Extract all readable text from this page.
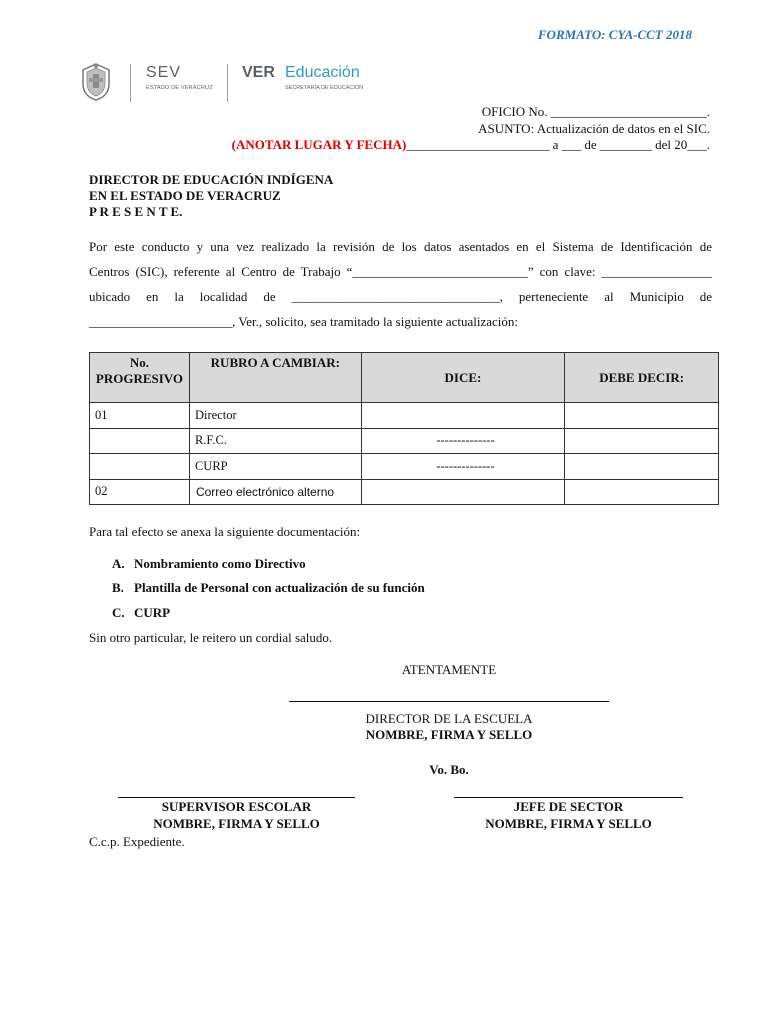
FORMATO: CYA-CCT 2018
SEV
ESTADO DE VERACRUZ
VER Educación
SECRETARÍA DE EDUCACIÓN
OFICIO No. ________________________.
ASUNTO: Actualización de datos en el SIC.
(ANOTAR LUGAR Y FECHA)______________________ a ___ de ________ del 20___.
DIRECTOR DE EDUCACIÓN INDÍGENA
EN EL ESTADO DE VERACRUZ
P R E S E N T E.
Por este conducto y una vez realizado la revisión de los datos asentados en el Sistema de Identificación de
Centros (SIC), referente al Centro de Trabajo “___________________________” con clave: _________________
ubicado en la localidad de ________________________________, perteneciente al Municipio de
______________________, Ver., solicito, sea tramitado la siguiente actualización:
No. PROGRESIVO	RUBRO A CAMBIAR:	DICE:	DEBE DECIR:
01	Director		
	R.F.C.	--------------	
	CURP	--------------	
02	Correo electrónico alterno		
Para tal efecto se anexa la siguiente documentación:
A. Nombramiento como Directivo
B. Plantilla de Personal con actualización de su función
C. CURP
Sin otro particular, le reitero un cordial saludo.
ATENTAMENTE
DIRECTOR DE LA ESCUELA
NOMBRE, FIRMA Y SELLO
Vo. Bo.
SUPERVISOR ESCOLAR
NOMBRE, FIRMA Y SELLO
JEFE DE SECTOR
NOMBRE, FIRMA Y SELLO
C.c.p. Expediente.
